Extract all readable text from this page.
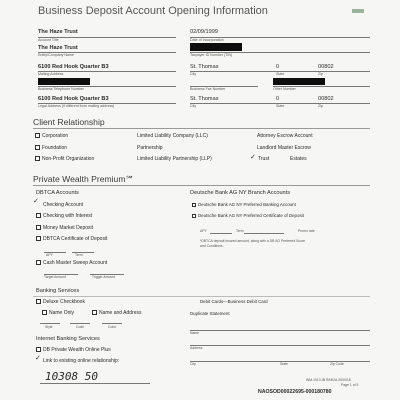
Business Deposit Account Opening Information
The Haze Trust
Account Title
02/09/1999
Date of Incorporation
The Haze Trust
Entity/Company Name	Taxpayer ID Number (TIN)
6100 Red Hook Quarter B3
Mailing Address
St. Thomas
City
0
State
00802
Zip
Business Telephone Number	Business Fax Number	Other Number
6100 Red Hook Quarter B3
Legal Address (if different from mailing address)
St. Thomas
City
0
State
00802
Zip
Client Relationship
Corporation
Foundation
Non-Profit Organization
Limited Liability Company (LLC)
Partnership
Limited Liability Partnership (LLP)
Attorney Escrow Account
Landlord Master Escrow
✓ Trust	Estates
Private Wealth Premium℠
DBTCA Accounts
✓ Checking Account
Checking with Interest
Money Market Deposit
DBTCA Certificate of Deposit
APY	Term
Cash Master Sweep Account
Target Amount	Trigger Amount
Deutsche Bank AG NY Branch Accounts
Deutsche Bank AG NY Preferred Banking Account
Deutsche Bank AG NY Preferred Certificate of Deposit
APY	Term	Promo rate
*DBTCA deposit insured amount, along with a DB AG Preferred Score
and Conditions.
Banking Services
Deluxe Checkbook
Name Only	Name and Address
Style	Code	Color
Debit Cards—Business Debit Card
Duplicate Statement
Name
Address
City	State	Zip Code
Internet Banking Services
DB Private Wealth Online Plus
✓ Link to existing online relationship:
10308 50	WM-1013-IB R/MI2A-2000/18
Page 1 of 5
NAOSOD00022695-000180780
